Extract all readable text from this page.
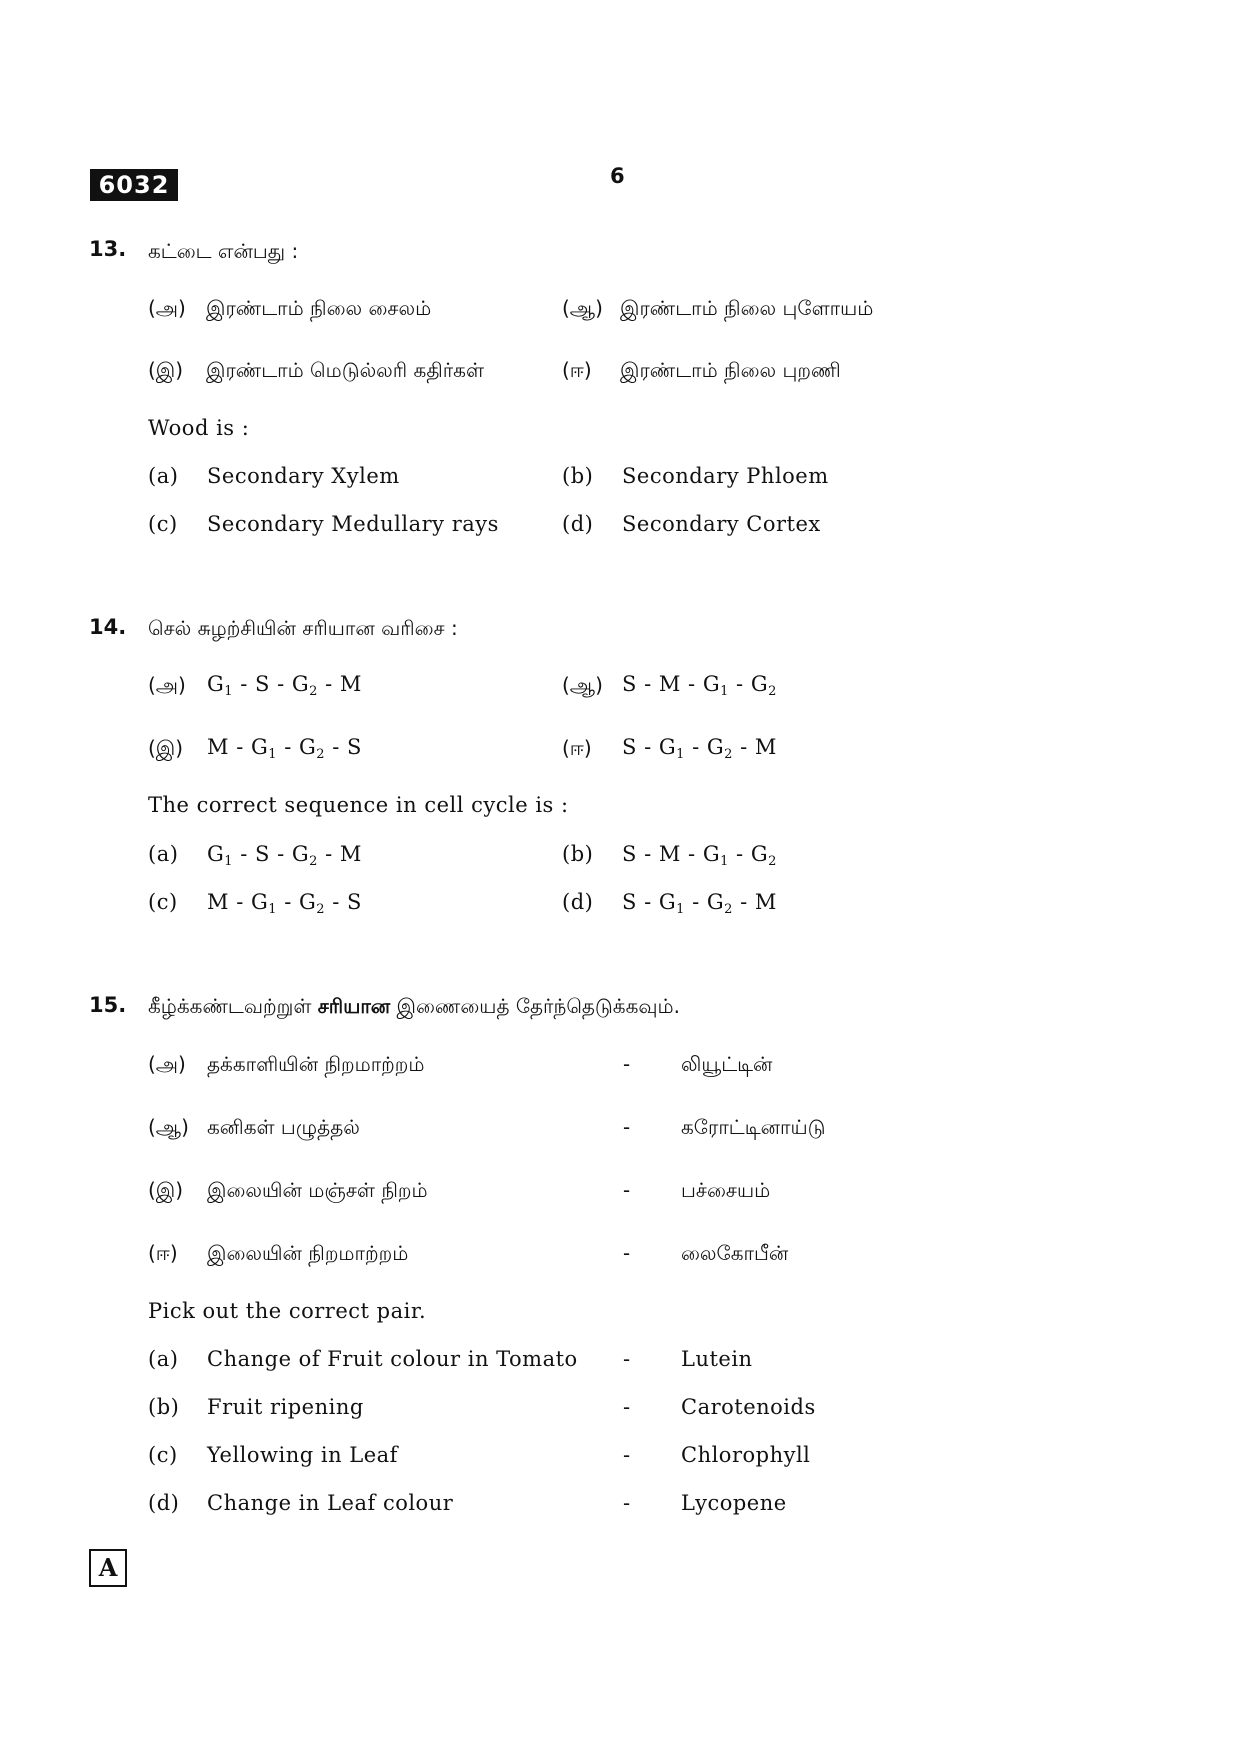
6032	6
13. கட்டை என்பது :
(அ) இரண்டாம் நிலை சைலம்	(ஆ) இரண்டாம் நிலை புளோயம்
(இ) இரண்டாம் மெடுல்லரி கதிர்கள்	(ஈ) இரண்டாம் நிலை புறணி
Wood is :
(a) Secondary Xylem	(b) Secondary Phloem
(c) Secondary Medullary rays	(d) Secondary Cortex
14. செல் சுழற்சியின் சரியான வரிசை :
(அ) $G_1$ - S - $G_2$ - M	(ஆ) S - M - $G_1 - G_2$
(இ) M - $G_1 - G_2$ - S	(ஈ) S - $G_1 - G_2$ - M
The correct sequence in cell cycle is :
(a) $G_1$ - S - $G_2$ - M	(b) S - M - $G_1 - G_2$
(c) M - $G_1 - G_2$ - S	(d) S - $G_1 - G_2$ - M
15. கீழ்க்கண்டவற்றுள் சரியான இணையைத் தேர்ந்தெடுக்கவும்.
(அ) தக்காளியின் நிறமாற்றம்	-	லியூட்டின்
(ஆ) கனிகள் பழுத்தல்	-	கரோட்டினாய்டு
(இ) இலையின் மஞ்சள் நிறம்	-	பச்சையம்
(ஈ) இலையின் நிறமாற்றம்	-	லைகோபீன்
Pick out the correct pair.
(a) Change of Fruit colour in Tomato - Lutein
(b) Fruit ripening	- Carotenoids
(c) Yellowing in Leaf	- Chlorophyll
(d) Change in Leaf colour	- Lycopene
A
